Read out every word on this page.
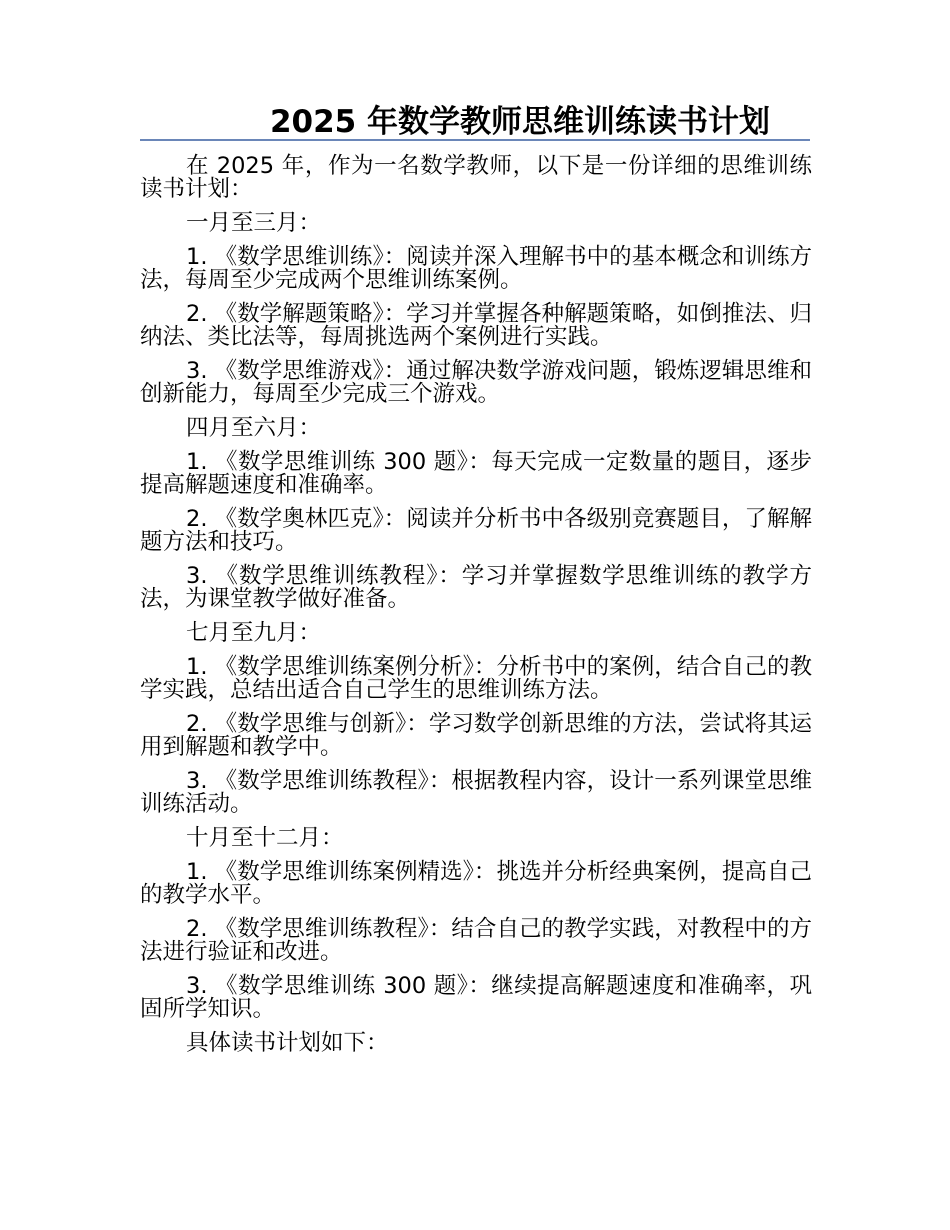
2025 年数学教师思维训练读书计划

在 2025 年，作为一名数学教师，以下是一份详细的思维训练读书计划：

一月至三月：

1. 《数学思维训练》：阅读并深入理解书中的基本概念和训练方法，每周至少完成两个思维训练案例。

2. 《数学解题策略》：学习并掌握各种解题策略，如倒推法、归纳法、类比法等，每周挑选两个案例进行实践。

3. 《数学思维游戏》：通过解决数学游戏问题，锻炼逻辑思维和创新能力，每周至少完成三个游戏。

四月至六月：

1. 《数学思维训练 300 题》：每天完成一定数量的题目，逐步提高解题速度和准确率。

2. 《数学奥林匹克》：阅读并分析书中各级别竞赛题目，了解解题方法和技巧。

3. 《数学思维训练教程》：学习并掌握数学思维训练的教学方法，为课堂教学做好准备。

七月至九月：

1. 《数学思维训练案例分析》：分析书中的案例，结合自己的教学实践，总结出适合自己学生的思维训练方法。

2. 《数学思维与创新》：学习数学创新思维的方法，尝试将其运用到解题和教学中。

3. 《数学思维训练教程》：根据教程内容，设计一系列课堂思维训练活动。

十月至十二月：

1. 《数学思维训练案例精选》：挑选并分析经典案例，提高自己的教学水平。

2. 《数学思维训练教程》：结合自己的教学实践，对教程中的方法进行验证和改进。

3. 《数学思维训练 300 题》：继续提高解题速度和准确率，巩固所学知识。

具体读书计划如下：
